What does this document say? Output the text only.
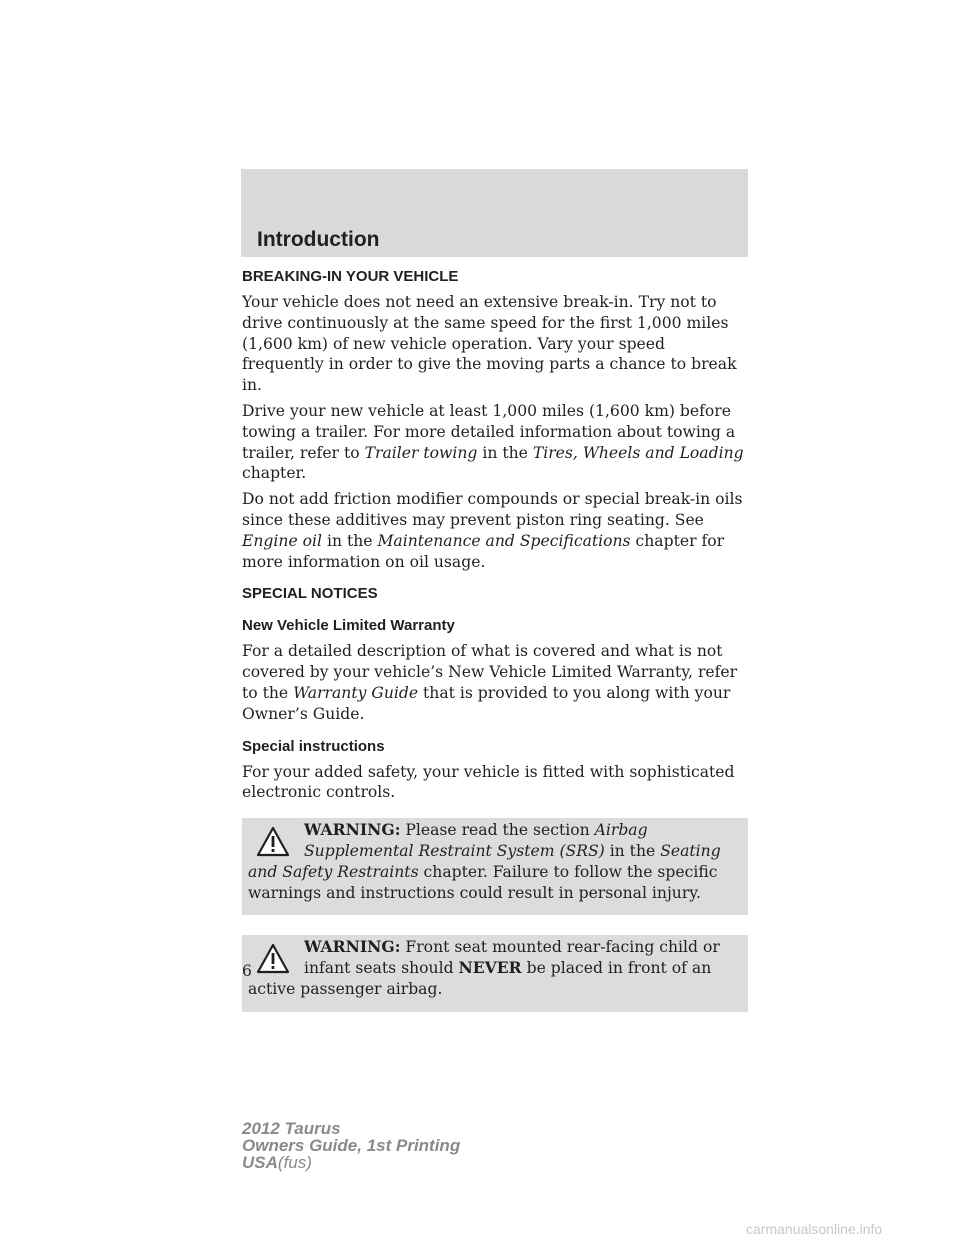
Introduction
BREAKING-IN YOUR VEHICLE

Your vehicle does not need an extensive break-in. Try not to drive continuously at the same speed for the first 1,000 miles (1,600 km) of new vehicle operation. Vary your speed frequently in order to give the moving parts a chance to break in.

Drive your new vehicle at least 1,000 miles (1,600 km) before towing a trailer. For more detailed information about towing a trailer, refer to Trailer towing in the Tires, Wheels and Loading chapter.

Do not add friction modifier compounds or special break-in oils since these additives may prevent piston ring seating. See Engine oil in the Maintenance and Specifications chapter for more information on oil usage.

SPECIAL NOTICES
New Vehicle Limited Warranty

For a detailed description of what is covered and what is not covered by your vehicle’s New Vehicle Limited Warranty, refer to the Warranty Guide that is provided to you along with your Owner’s Guide.

Special instructions

For your added safety, your vehicle is fitted with sophisticated electronic controls.

WARNING: Please read the section Airbag Supplemental Restraint System (SRS) in the Seating and Safety Restraints chapter. Failure to follow the specific warnings and instructions could result in personal injury.

WARNING: Front seat mounted rear-facing child or infant seats should NEVER be placed in front of an active passenger airbag.

6
2012 Taurus
Owners Guide, 1st Printing
USA(fus)
carmanualsonline.info
